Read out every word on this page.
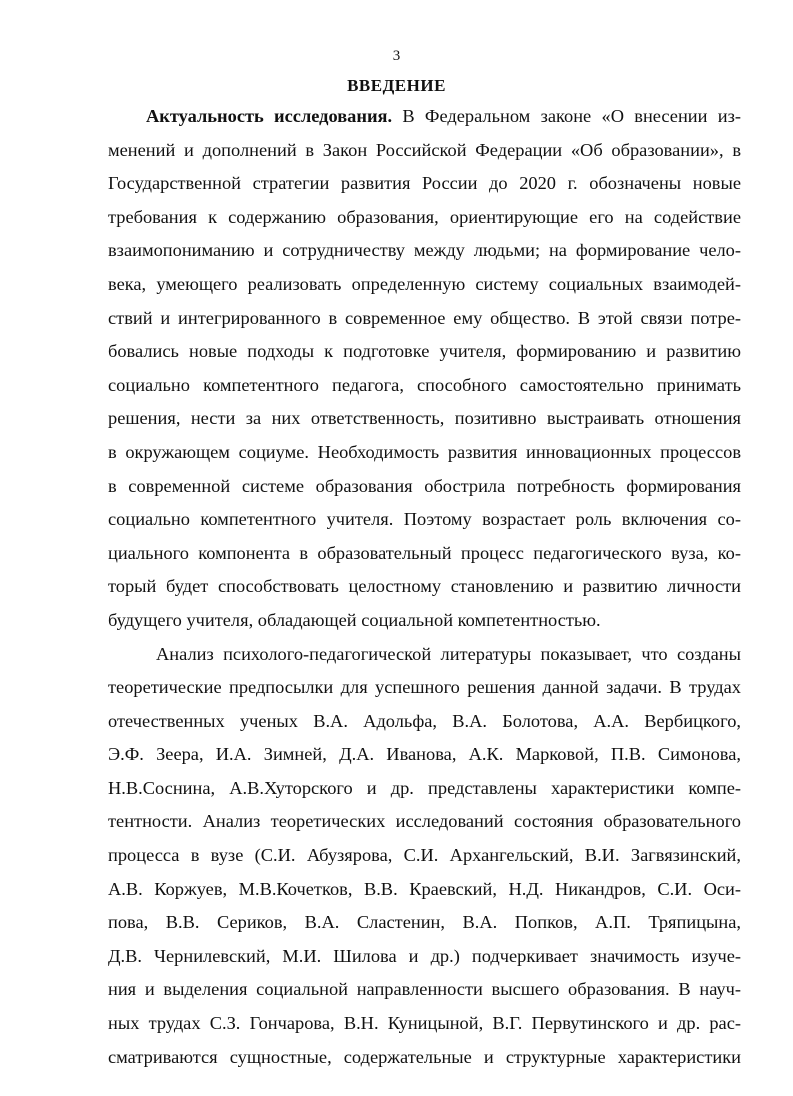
3
ВВЕДЕНИЕ
Актуальность исследования. В Федеральном законе «О внесении из-
менений и дополнений в Закон Российской Федерации «Об образовании», в
Государственной стратегии развития России до 2020 г. обозначены новые
требования к содержанию образования, ориентирующие его на содействие
взаимопониманию и сотрудничеству между людьми; на формирование чело-
века, умеющего реализовать определенную систему социальных взаимодей-
ствий и интегрированного в современное ему общество. В этой связи потре-
бовались новые подходы к подготовке учителя, формированию и развитию
социально компетентного педагога, способного самостоятельно принимать
решения, нести за них ответственность, позитивно выстраивать отношения
в окружающем социуме. Необходимость развития инновационных процессов
в современной системе образования обострила потребность формирования
социально компетентного учителя. Поэтому возрастает роль включения со-
циального компонента в образовательный процесс педагогического вуза, ко-
торый будет способствовать целостному становлению и развитию личности
будущего учителя, обладающей социальной компетентностью.
Анализ психолого-педагогической литературы показывает, что созданы
теоретические предпосылки для успешного решения данной задачи. В трудах
отечественных ученых В.А. Адольфа, В.А. Болотова, А.А. Вербицкого,
Э.Ф. Зеера, И.А. Зимней, Д.А. Иванова, А.К. Марковой, П.В. Симонова,
Н.В.Соснина, А.В.Хуторского и др. представлены характеристики компе-
тентности. Анализ теоретических исследований состояния образовательного
процесса в вузе (С.И. Абузярова, С.И. Архангельский, В.И. Загвязинский,
А.В. Коржуев, М.В.Кочетков, В.В. Краевский, Н.Д. Никандров, С.И. Оси-
пова, В.В. Сериков, В.А. Сластенин, В.А. Попков, А.П. Тряпицына,
Д.В. Чернилевский, М.И. Шилова и др.) подчеркивает значимость изуче-
ния и выделения социальной направленности высшего образования. В науч-
ных трудах С.З. Гончарова, В.Н. Куницыной, В.Г. Первутинского и др. рас-
сматриваются сущностные, содержательные и структурные характеристики
